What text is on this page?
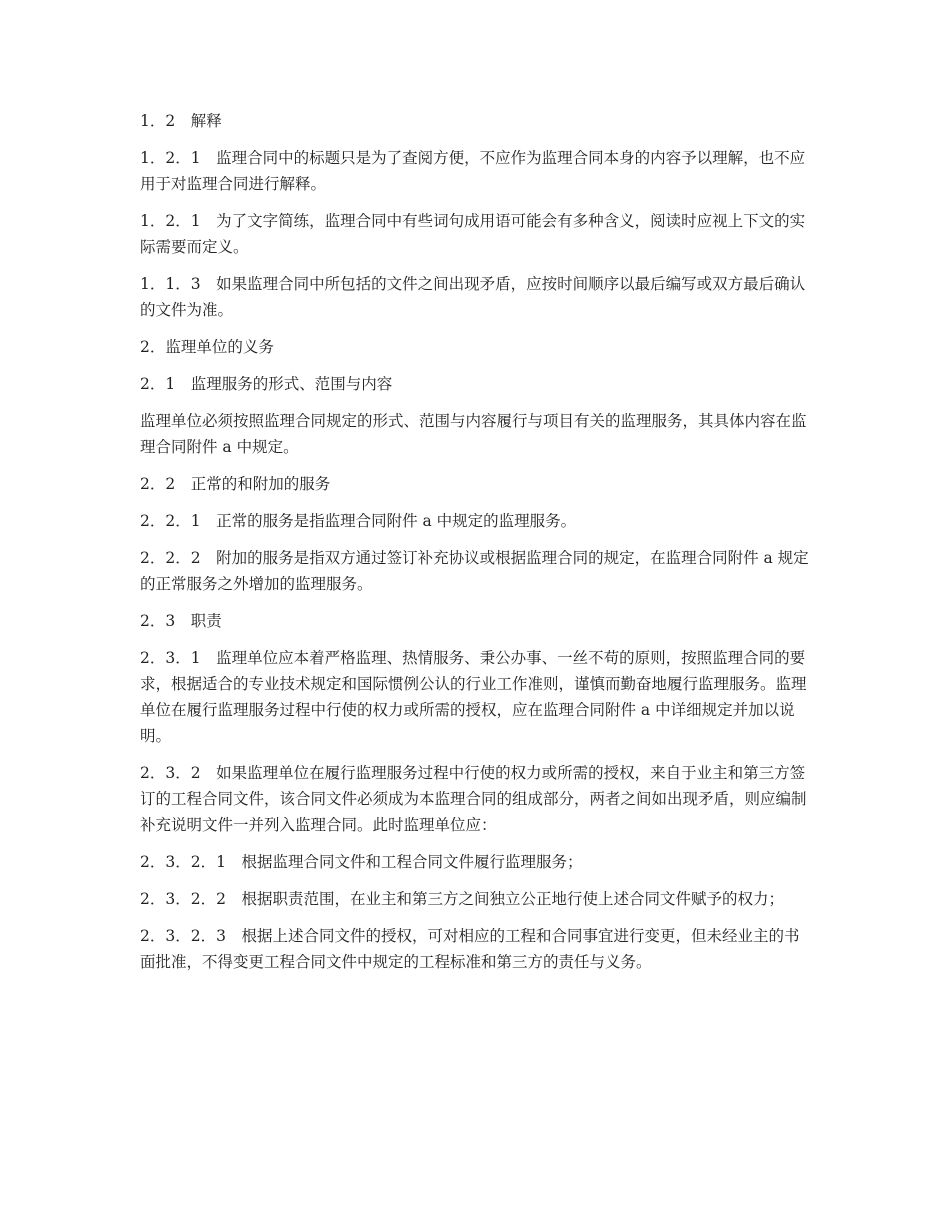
1．2　解释

1．2．1　监理合同中的标题只是为了查阅方便，不应作为监理合同本身的内容予以理解，也不应用于对监理合同进行解释。

1．2．1　为了文字简练，监理合同中有些词句成用语可能会有多种含义，阅读时应视上下文的实际需要而定义。

1．1．3　如果监理合同中所包括的文件之间出现矛盾，应按时间顺序以最后编写或双方最后确认的文件为准。

2．监理单位的义务

2．1　监理服务的形式、范围与内容

监理单位必须按照监理合同规定的形式、范围与内容履行与项目有关的监理服务，其具体内容在监理合同附件 a 中规定。

2．2　正常的和附加的服务

2．2．1　正常的服务是指监理合同附件 a 中规定的监理服务。

2．2．2　附加的服务是指双方通过签订补充协议或根据监理合同的规定，在监理合同附件 a 规定的正常服务之外增加的监理服务。

2．3　职责

2．3．1　监理单位应本着严格监理、热情服务、秉公办事、一丝不苟的原则，按照监理合同的要求，根据适合的专业技术规定和国际惯例公认的行业工作准则，谨慎而勤奋地履行监理服务。监理单位在履行监理服务过程中行使的权力或所需的授权，应在监理合同附件 a 中详细规定并加以说明。

2．3．2　如果监理单位在履行监理服务过程中行使的权力或所需的授权，来自于业主和第三方签订的工程合同文件，该合同文件必须成为本监理合同的组成部分，两者之间如出现矛盾，则应编制补充说明文件一并列入监理合同。此时监理单位应：

2．3．2．1　根据监理合同文件和工程合同文件履行监理服务；

2．3．2．2　根据职责范围，在业主和第三方之间独立公正地行使上述合同文件赋予的权力；

2．3．2．3　根据上述合同文件的授权，可对相应的工程和合同事宜进行变更，但未经业主的书面批准，不得变更工程合同文件中规定的工程标准和第三方的责任与义务。
